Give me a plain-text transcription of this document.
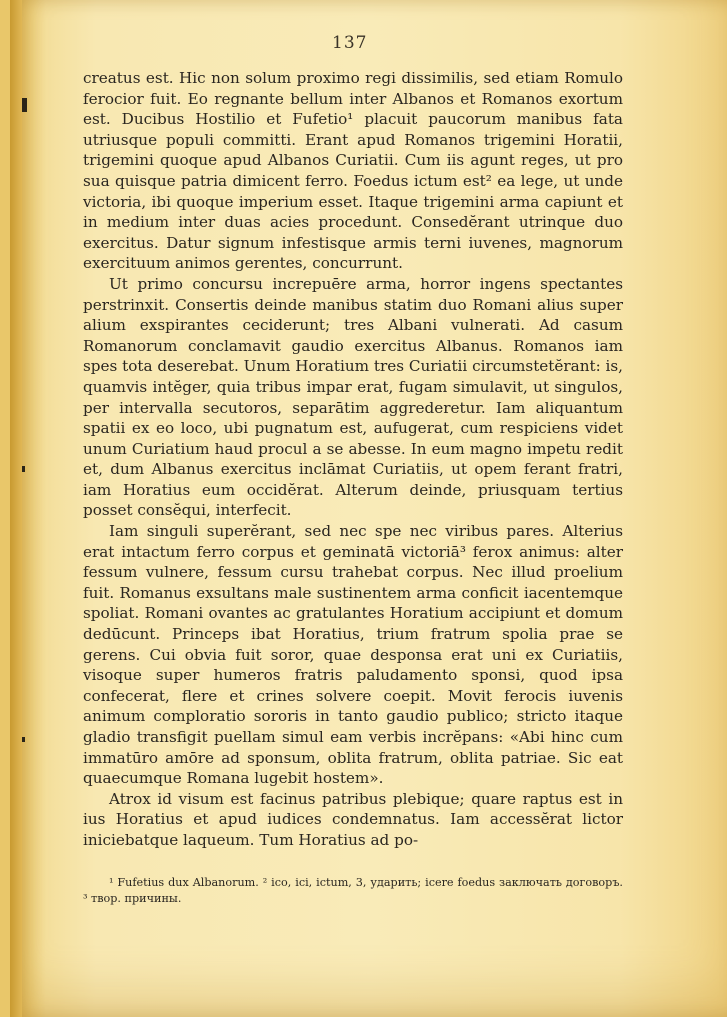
137

creatus est. Hic non solum proximo regi dissimilis, sed etiam Romulo ferocior fuit. Eo regnante bellum inter Albanos et Romanos exortum est. Ducibus Hostilio et Fufetio¹ placuit paucorum manibus fata utriusque populi committi. Erant apud Romanos trigemini Horatii, trigemini quoque apud Albanos Curiatii. Cum iis agunt reges, ut pro sua quisque patria dimicent ferro. Foedus ictum est² ea lege, ut unde victoria, ibi quoque imperium esset. Itaque trigemini arma capiunt et in medium inter duas acies procedunt. Consedĕrant utrinque duo exercitus. Datur signum infestisque armis terni iuvenes, magnorum exercituum animos gerentes, concurrunt.

Ut primo concursu increpuēre arma, horror ingens spectantes perstrinxit. Consertis deinde manibus statim duo Romani alius super alium exspirantes ceciderunt; tres Albani vulnerati. Ad casum Romanorum conclamavit gaudio exercitus Albanus. Romanos iam spes tota deserebat. Unum Horatium tres Curiatii circumstetĕrant: is, quamvis intĕger, quia tribus impar erat, fugam simulavit, ut singulos, per intervalla secutoros, separātim aggrederetur. Iam aliquantum spatii ex eo loco, ubi pugnatum est, aufugerat, cum respiciens videt unum Curiatium haud procul a se abesse. In eum magno impetu redit et, dum Albanus exercitus inclāmat Curiatiis, ut opem ferant fratri, iam Horatius eum occidĕrat. Alterum deinde, priusquam tertius posset consĕqui, interfecit.

Iam singuli superĕrant, sed nec spe nec viribus pares. Alterius erat intactum ferro corpus et geminatā victoriā³ ferox animus: alter fessum vulnere, fessum cursu trahebat corpus. Nec illud proelium fuit. Romanus exsultans male sustinentem arma conficit iacentemque spoliat. Romani ovantes ac gratulantes Horatium accipiunt et domum dedūcunt. Princeps ibat Horatius, trium fratrum spolia prae se gerens. Cui obvia fuit soror, quae desponsa erat uni ex Curiatiis, visoque super humeros fratris paludamento sponsi, quod ipsa confecerat, flere et crines solvere coepit. Movit ferocis iuvenis animum comploratio sororis in tanto gaudio publico; stricto itaque gladio transfigit puellam simul eam verbis incrĕpans: «Abi hinc cum immatūro amōre ad sponsum, oblita fratrum, oblita patriae. Sic eat quaecumque Romana lugebit hostem».

Atrox id visum est facinus patribus plebique; quare raptus est in ius Horatius et apud iudices condemnatus. Iam accessĕrat lictor iniciebatque laqueum. Tum Horatius ad po-

¹ Fufetius dux Albanorum. ² ico, ici, ictum, 3, ударить; icere foedus заключать договоръ. ³ твор. причины.
